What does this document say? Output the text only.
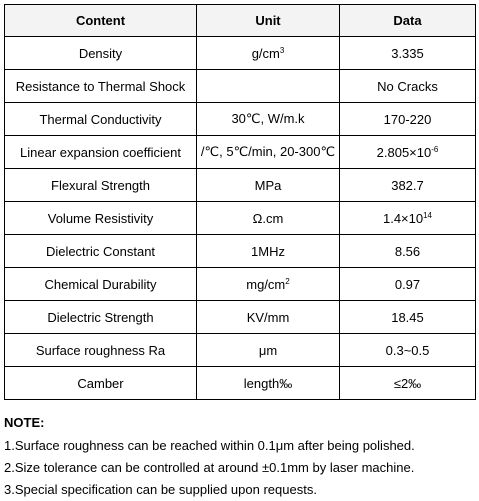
Content	Unit	Data
Density	$g/cm^3$	3.335
Resistance to Thermal Shock		No Cracks
Thermal Conductivity	30℃, W/m.k	170-220
Linear expansion coefficient	/℃, 5℃/min, 20-300℃	$2.805\times 10^{-6}$
Flexural Strength	MPa	382.7
Volume Resistivity	Ω.cm	$1.4\times 10^{14}$
Dielectric Constant	1MHz	8.56
Chemical Durability	$mg/cm^2$	0.97
Dielectric Strength	KV/mm	18.45
Surface roughness Ra	μm	0.3~0.5
Camber	length‰	≤2‰
NOTE:
1.Surface roughness can be reached within 0.1μm after being polished.
2.Size tolerance can be controlled at around ±0.1mm by laser machine.
3.Special specification can be supplied upon requests.
